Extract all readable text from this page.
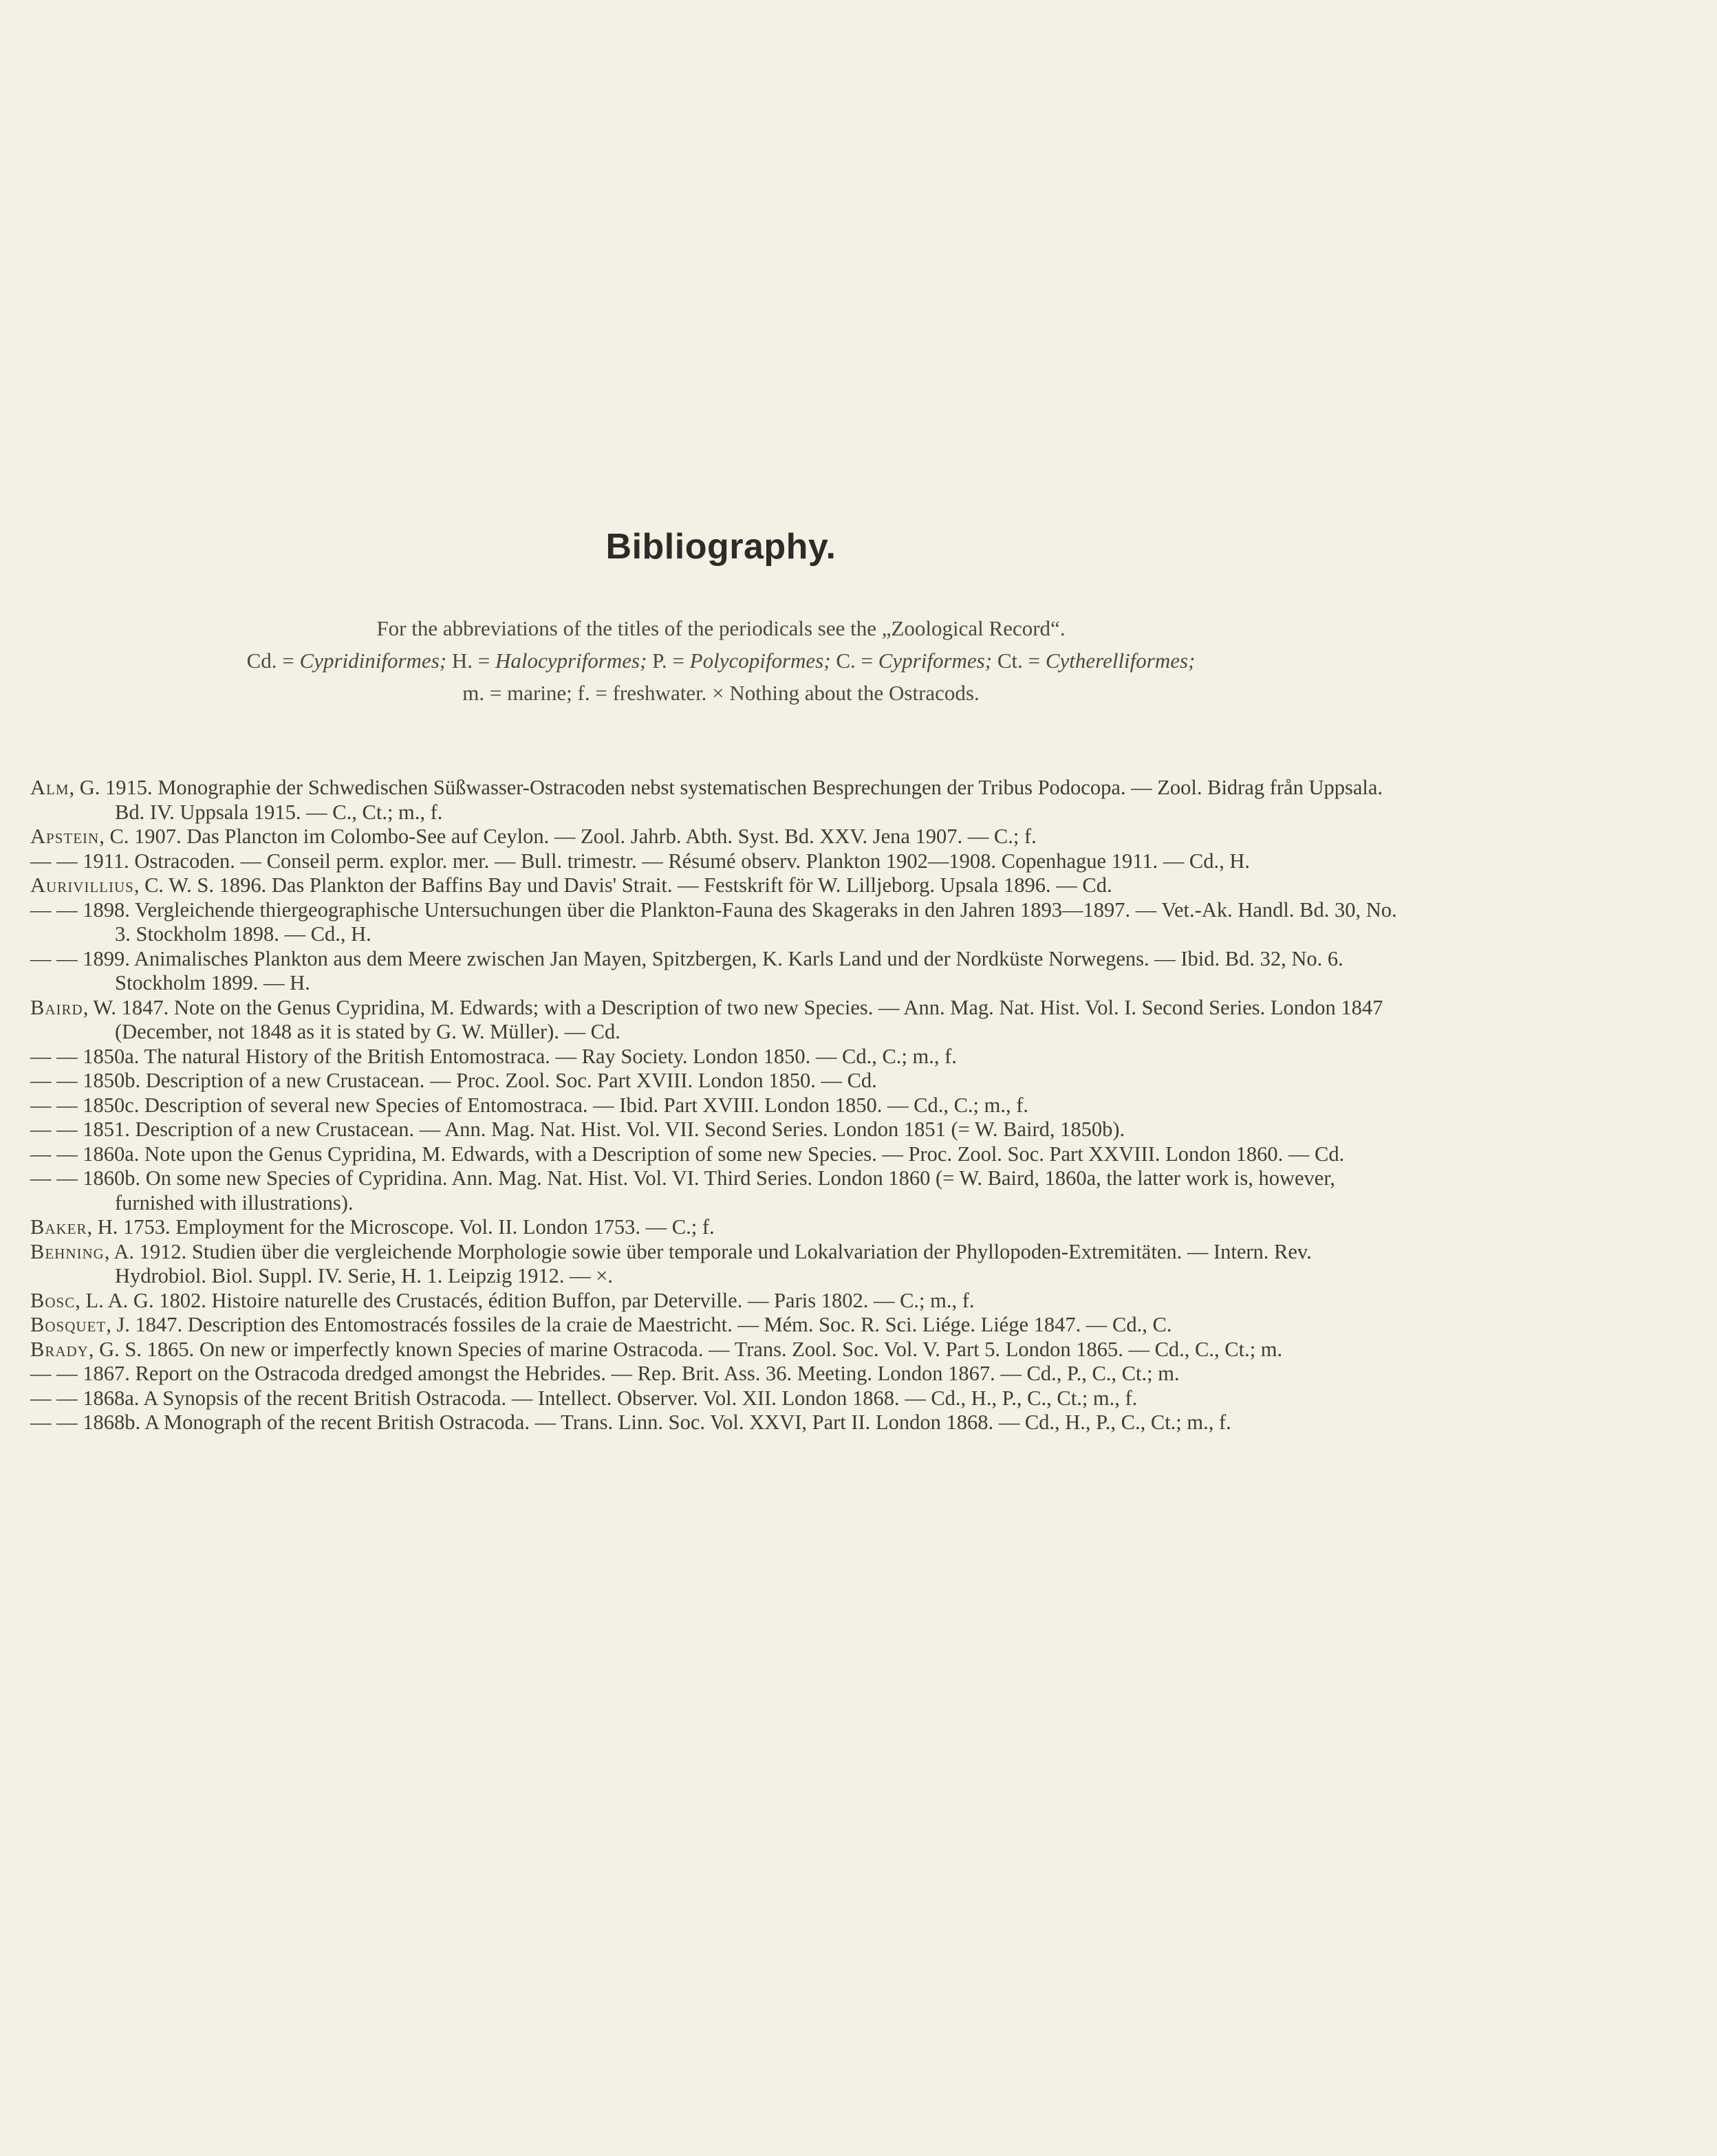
Bibliography.
For the abbreviations of the titles of the periodicals see the „Zoological Record“.
Cd. = Cypridiniformes; H. = Halocypriformes; P. = Polycopiformes; C. = Cypriformes; Ct. = Cytherelliformes;
m. = marine; f. = freshwater. × Nothing about the Ostracods.
Alm, G. 1915. Monographie der Schwedischen Süßwasser-Ostracoden nebst systematischen Besprechungen der Tribus Podocopa. — Zool. Bidrag från Uppsala. Bd. IV. Uppsala 1915. — C., Ct.; m., f.
Apstein, C. 1907. Das Plancton im Colombo-See auf Ceylon. — Zool. Jahrb. Abth. Syst. Bd. XXV. Jena 1907. — C.; f.
— — 1911. Ostracoden. — Conseil perm. explor. mer. — Bull. trimestr. — Résumé observ. Plankton 1902—1908. Copenhague 1911. — Cd., H.
Aurivillius, C. W. S. 1896. Das Plankton der Baffins Bay und Davis' Strait. — Festskrift för W. Lilljeborg. Upsala 1896. — Cd.
— — 1898. Vergleichende thiergeographische Untersuchungen über die Plankton-Fauna des Skageraks in den Jahren 1893—1897. — Vet.-Ak. Handl. Bd. 30, No. 3. Stockholm 1898. — Cd., H.
— — 1899. Animalisches Plankton aus dem Meere zwischen Jan Mayen, Spitzbergen, K. Karls Land und der Nordküste Norwegens. — Ibid. Bd. 32, No. 6. Stockholm 1899. — H.
Baird, W. 1847. Note on the Genus Cypridina, M. Edwards; with a Description of two new Species. — Ann. Mag. Nat. Hist. Vol. I. Second Series. London 1847 (December, not 1848 as it is stated by G. W. Müller). — Cd.
— — 1850a. The natural History of the British Entomostraca. — Ray Society. London 1850. — Cd., C.; m., f.
— — 1850b. Description of a new Crustacean. — Proc. Zool. Soc. Part XVIII. London 1850. — Cd.
— — 1850c. Description of several new Species of Entomostraca. — Ibid. Part XVIII. London 1850. — Cd., C.; m., f.
— — 1851. Description of a new Crustacean. — Ann. Mag. Nat. Hist. Vol. VII. Second Series. London 1851 (= W. Baird, 1850b).
— — 1860a. Note upon the Genus Cypridina, M. Edwards, with a Description of some new Species. — Proc. Zool. Soc. Part XXVIII. London 1860. — Cd.
— — 1860b. On some new Species of Cypridina. Ann. Mag. Nat. Hist. Vol. VI. Third Series. London 1860 (= W. Baird, 1860a, the latter work is, however, furnished with illustrations).
Baker, H. 1753. Employment for the Microscope. Vol. II. London 1753. — C.; f.
Behning, A. 1912. Studien über die vergleichende Morphologie sowie über temporale und Lokalvariation der Phyllopoden-Extremitäten. — Intern. Rev. Hydrobiol. Biol. Suppl. IV. Serie, H. 1. Leipzig 1912. — ×.
Bosc, L. A. G. 1802. Histoire naturelle des Crustacés, édition Buffon, par Deterville. — Paris 1802. — C.; m., f.
Bosquet, J. 1847. Description des Entomostracés fossiles de la craie de Maestricht. — Mém. Soc. R. Sci. Liége. Liége 1847. — Cd., C.
Brady, G. S. 1865. On new or imperfectly known Species of marine Ostracoda. — Trans. Zool. Soc. Vol. V. Part 5. London 1865. — Cd., C., Ct.; m.
— — 1867. Report on the Ostracoda dredged amongst the Hebrides. — Rep. Brit. Ass. 36. Meeting. London 1867. — Cd., P., C., Ct.; m.
— — 1868a. A Synopsis of the recent British Ostracoda. — Intellect. Observer. Vol. XII. London 1868. — Cd., H., P., C., Ct.; m., f.
— — 1868b. A Monograph of the recent British Ostracoda. — Trans. Linn. Soc. Vol. XXVI, Part II. London 1868. — Cd., H., P., C., Ct.; m., f.
